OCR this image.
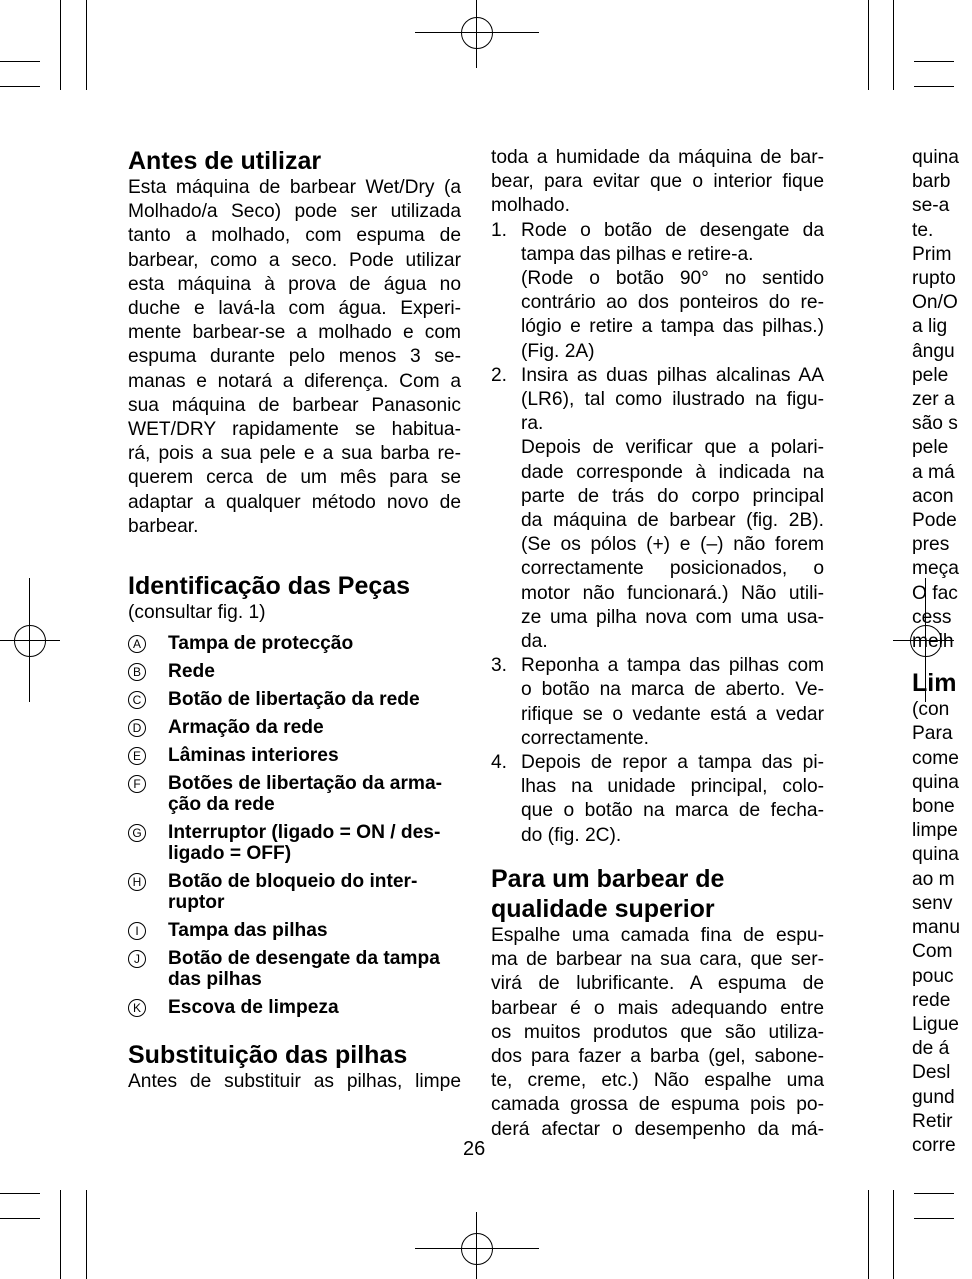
Antes de utilizar

Esta máquina de barbear Wet/Dry (a

Molhado/a Seco) pode ser utilizada

tanto a molhado, com espuma de

barbear, como a seco. Pode utilizar

esta máquina à prova de água no

duche e lavá-la com água. Experi-

mente barbear-se a molhado e com

espuma durante pelo menos 3 se-

manas e notará a diferença. Com a

sua máquina de barbear Panasonic

WET/DRY rapidamente se habitua-

rá, pois a sua pele e a sua barba re-

querem cerca de um mês para se

adaptar a qualquer método novo de

barbear.

Identificação das Peças

(consultar fig. 1)

A Tampa de protecção
B Rede
C Botão de libertação da rede
D Armação da rede
E Lâminas interiores
F Botões de libertação da arma- ção da rede
G Interruptor (ligado = ON / des- ligado = OFF)
H Botão de bloqueio do inter- ruptor
I	Tampa das pilhas
J	Botão de desengate da tampa das pilhas
K Escova de limpeza
Substituição das pilhas

Antes de substituir as pilhas, limpe

toda a humidade da máquina de bar-

bear, para evitar que o interior fique

molhado.

1. Rode o botão de desengate da

tampa das pilhas e retire-a.

(Rode o botão 90° no sentido

contrário ao dos ponteiros do re-

lógio e retire a tampa das pilhas.)

(Fig. 2A)

2. Insira as duas pilhas alcalinas AA

(LR6), tal como ilustrado na figu-

ra.

Depois de verificar que a polari-

dade corresponde à indicada na

parte de trás do corpo principal

da máquina de barbear (fig. 2B).

(Se os pólos (+) e (–) não forem

correctamente posicionados, o

motor não funcionará.) Não utili-

ze uma pilha nova com uma usa-

da.

3. Reponha a tampa das pilhas com

o botão na marca de aberto. Ve-

rifique se o vedante está a vedar

correctamente.

4. Depois de repor a tampa das pi-

lhas na unidade principal, colo-

que o botão na marca de fecha-

do (fig. 2C).

Para um barbear de
qualidade superior

Espalhe uma camada fina de espu-

ma de barbear na sua cara, que ser-

virá de lubrificante. A espuma de

barbear é o mais adequando entre

os muitos produtos que são utiliza-

dos para fazer a barba (gel, sabone-

te, creme, etc.) Não espalhe uma

camada grossa de espuma pois po-

derá afectar o desempenho da má-

quina

barb

se-a

te.

Prim

rupto

On/O

a lig

ângu

pele

zer a

são s

pele

a má

acon

Pode

pres

meça

O fac

cess

melh

Lim

(con

Para

come

quina

bone

limpe

quina

ao m

senv

manu

Com

pouc

rede

Ligue

de á

Desl

gund

Retir

corre

26
